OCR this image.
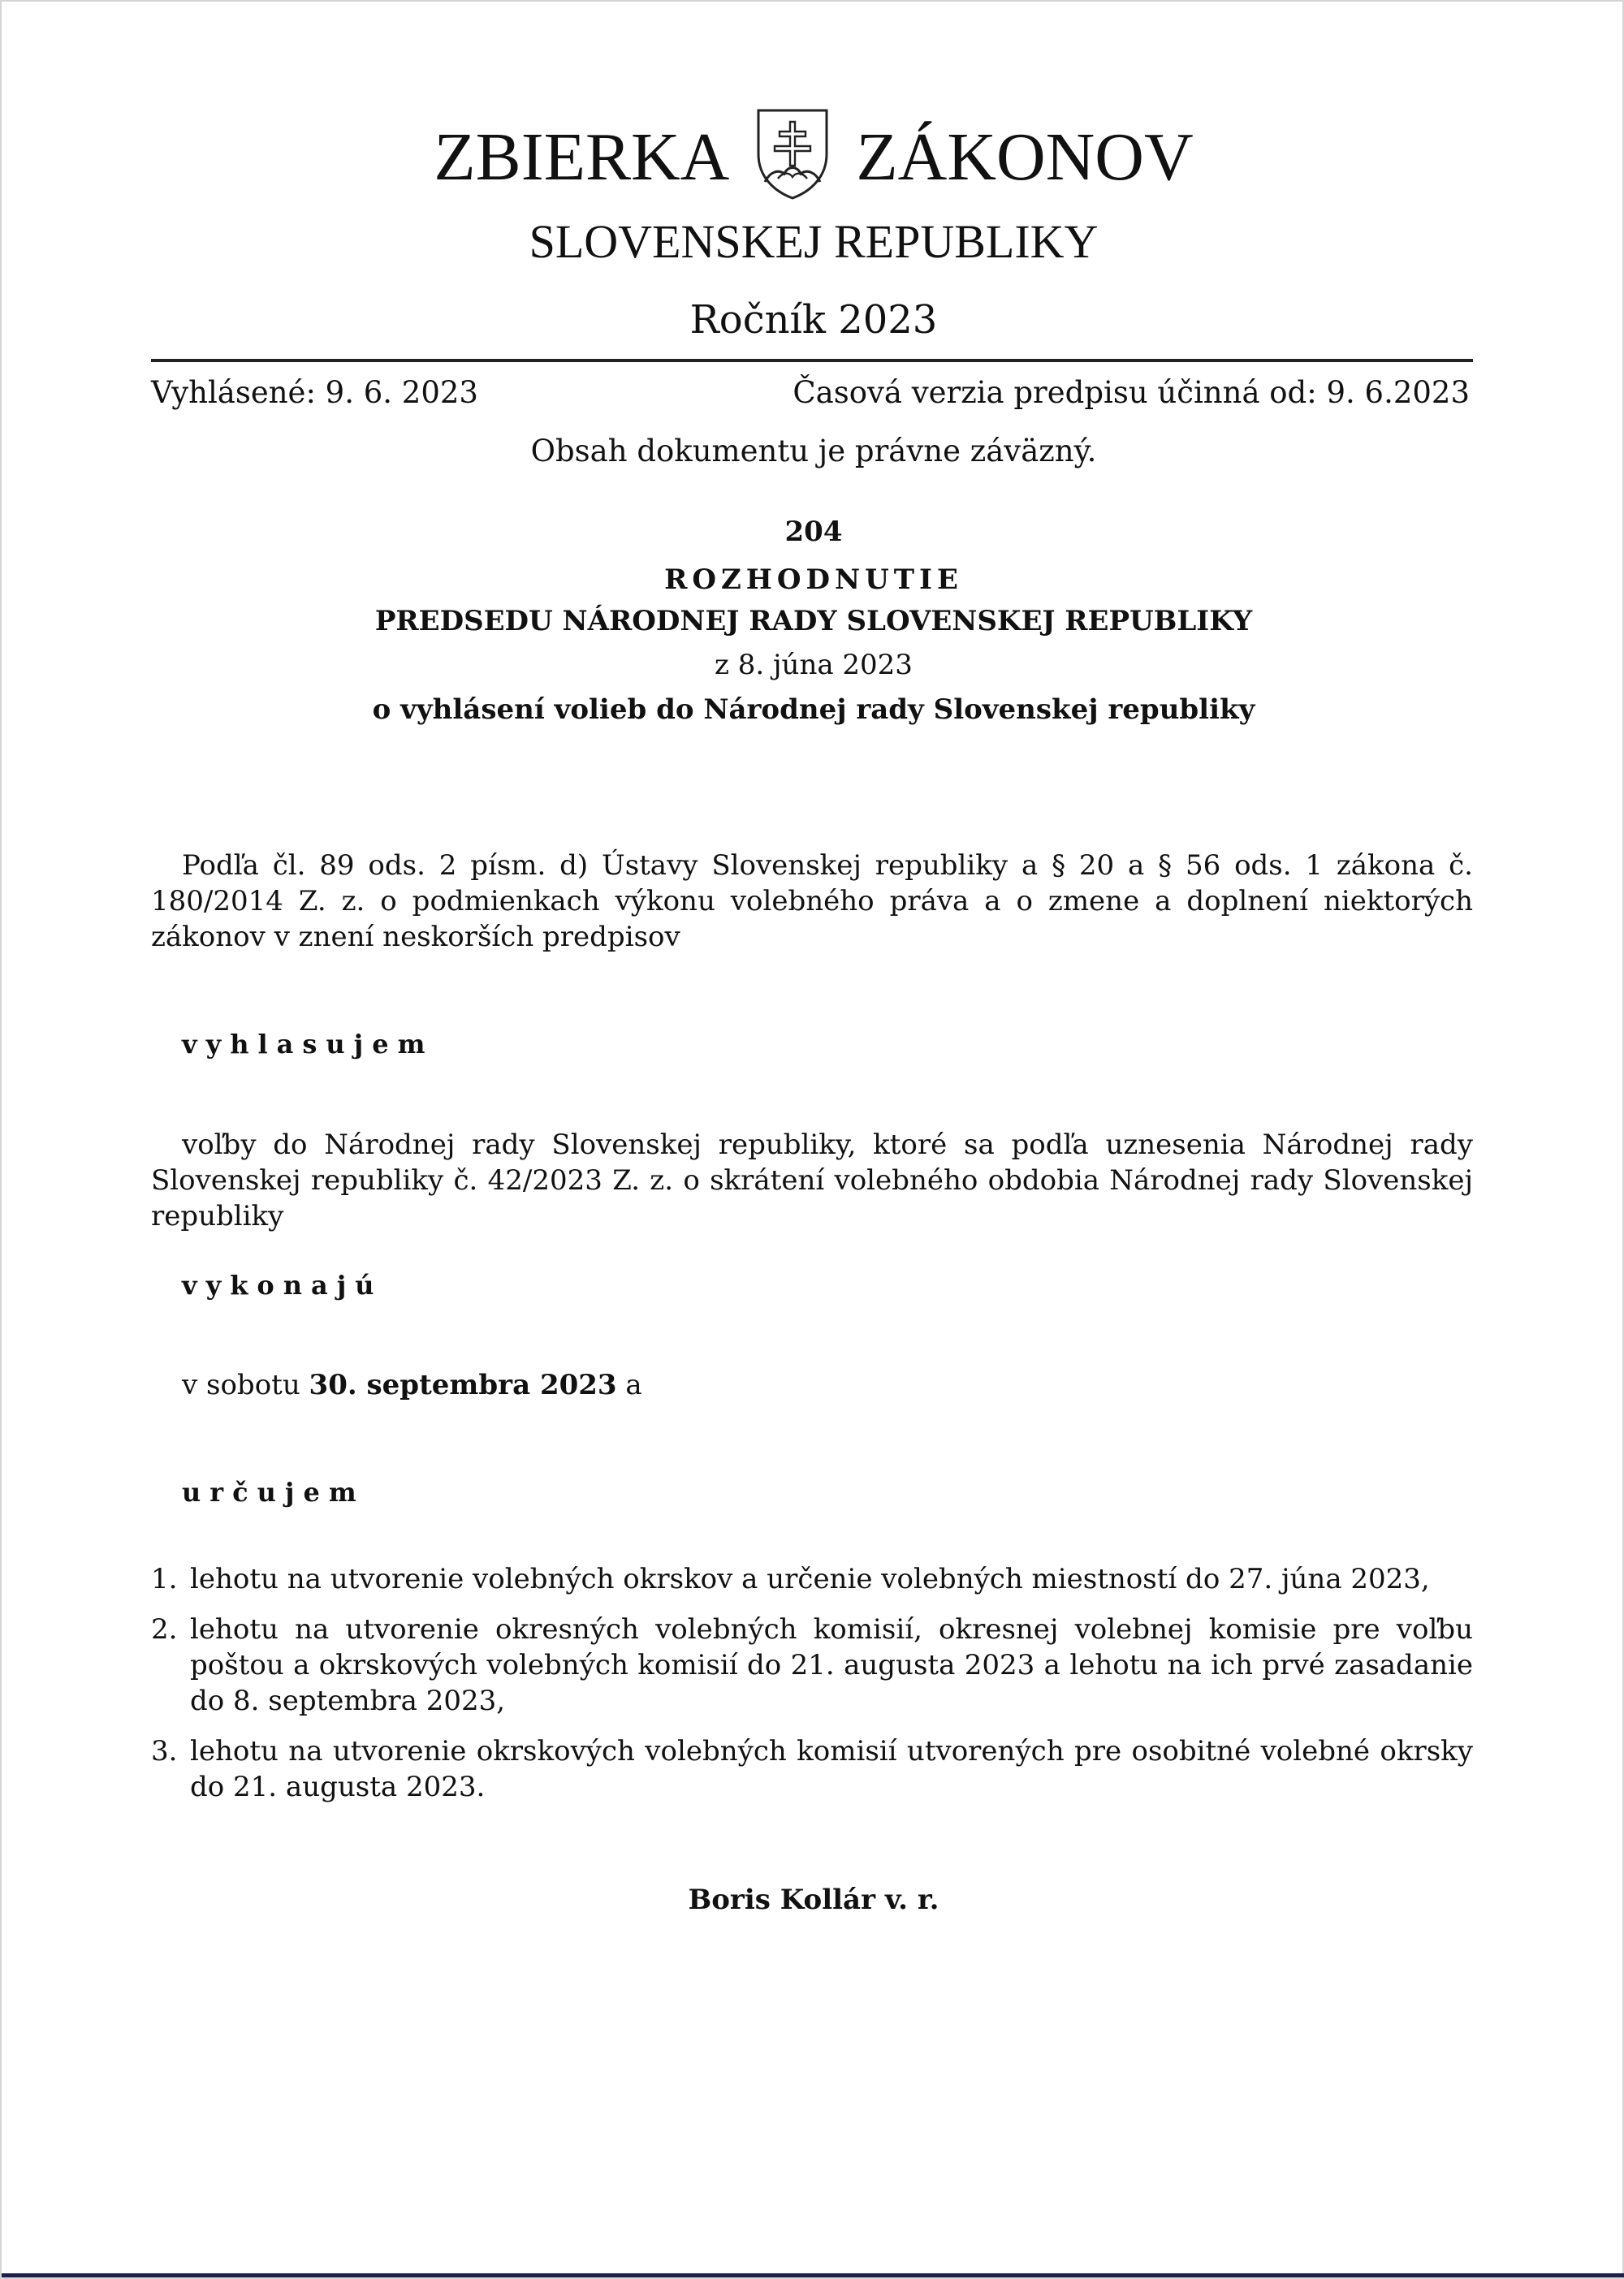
ZBIERKA ZÁKONOV
SLOVENSKEJ REPUBLIKY
Ročník 2023
Vyhlásené: 9. 6. 2023	Časová verzia predpisu účinná od: 9. 6.2023
Obsah dokumentu je právne záväzný.
204
ROZHODNUTIE
PREDSEDU NÁRODNEJ RADY SLOVENSKEJ REPUBLIKY
z 8. júna 2023
o vyhlásení volieb do Národnej rady Slovenskej republiky
Podľa čl. 89 ods. 2 písm. d) Ústavy Slovenskej republiky a § 20 a § 56 ods. 1 zákona č. 180/2014 Z. z. o podmienkach výkonu volebného práva a o zmene a doplnení niektorých zákonov v znení neskorších predpisov
vyhlasujem
voľby do Národnej rady Slovenskej republiky, ktoré sa podľa uznesenia Národnej rady Slovenskej republiky č. 42/2023 Z. z. o skrátení volebného obdobia Národnej rady Slovenskej republiky
vykonajú
v sobotu 30. septembra 2023 a
určujem
1. lehotu na utvorenie volebných okrskov a určenie volebných miestností do 27. júna 2023,
2. lehotu na utvorenie okresných volebných komisií, okresnej volebnej komisie pre voľbu poštou a okrskových volebných komisií do 21. augusta 2023 a lehotu na ich prvé zasadanie do 8. septembra 2023,
3. lehotu na utvorenie okrskových volebných komisií utvorených pre osobitné volebné okrsky do 21. augusta 2023.
Boris Kollár v. r.
